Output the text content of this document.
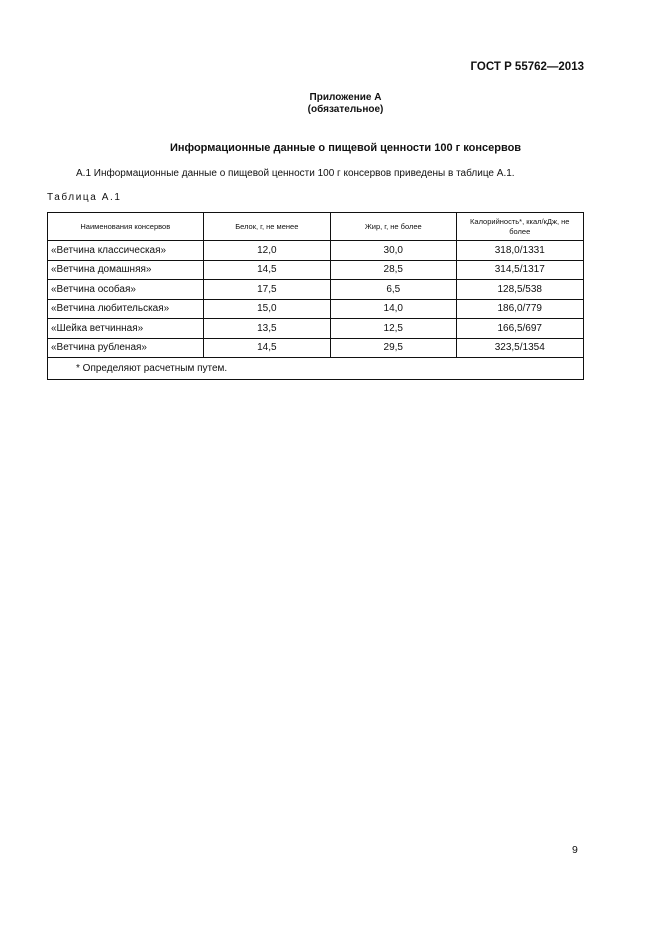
ГОСТ Р 55762—2013
Приложение А
(обязательное)
Информационные данные о пищевой ценности 100 г консервов
А.1 Информационные данные о пищевой ценности 100 г консервов приведены в таблице А.1.
Таблица А.1
Наименования консервов	Белок, г, не менее	Жир, г, не более	Калорийность*, ккал/кДж, не более
«Ветчина классическая»	12,0	30,0	318,0/1331
«Ветчина домашняя»	14,5	28,5	314,5/1317
«Ветчина особая»	17,5	6,5	128,5/538
«Ветчина любительская»	15,0	14,0	186,0/779
«Шейка ветчинная»	13,5	12,5	166,5/697
«Ветчина рубленая»	14,5	29,5	323,5/1354
* Определяют расчетным путем.			
9
